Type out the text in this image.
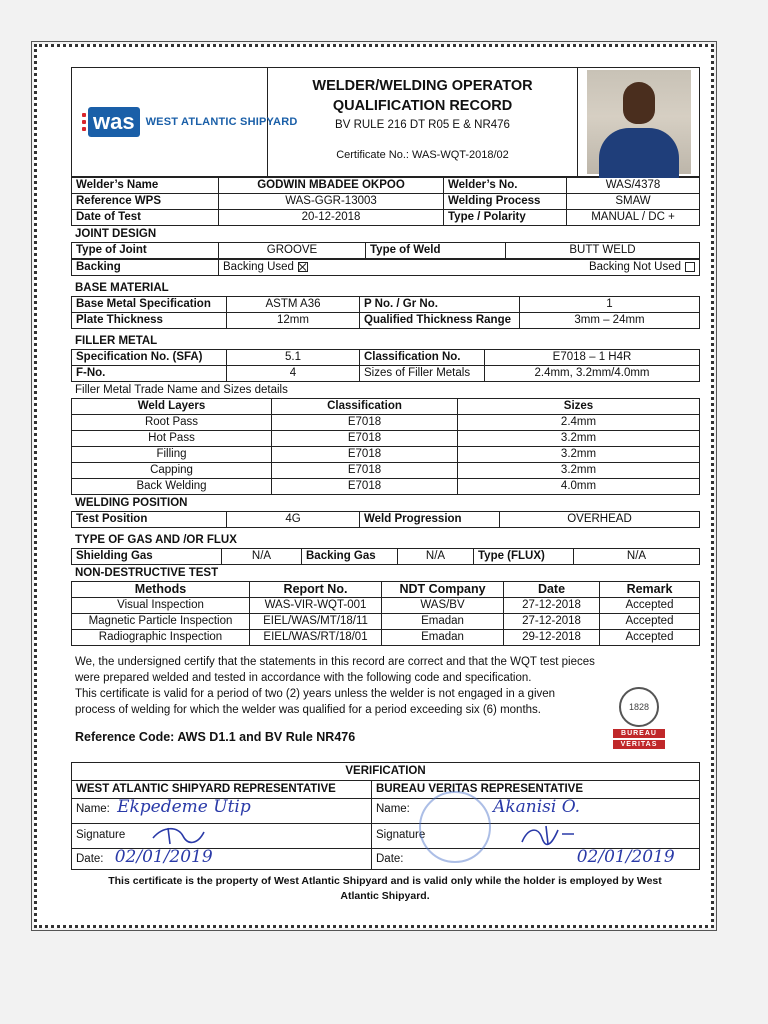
was	WEST ATLANTIC SHIPYARD

WELDER/WELDING OPERATOR
QUALIFICATION RECORD
BV RULE 216 DT R05 E & NR476
Certificate No.: WAS-WQT-2018/02

Welder’s Name	GODWIN MBADEE OKPOO	Welder’s No.	WAS/4378
Reference WPS	WAS-GGR-13003	Welding Process	SMAW
Date of Test	20-12-2018	Type / Polarity	MANUAL / DC +
JOINT DESIGN
Type of Joint	GROOVE	Type of Weld	BUTT WELD
Backing	Backing Used	Backing Not Used
BASE MATERIAL
Base Metal Specification	ASTM A36	P No. / Gr No.	1
Plate Thickness	12mm	Qualified Thickness Range	3mm – 24mm
FILLER METAL
Specification No. (SFA)	5.1	Classification No.	E7018 – 1 H4R
F-No.	4	Sizes of Filler Metals	2.4mm, 3.2mm/4.0mm
Filler Metal Trade Name and Sizes details
Weld Layers	Classification	Sizes
Root Pass	E7018	2.4mm
Hot Pass	E7018	3.2mm
Filling	E7018	3.2mm
Capping	E7018	3.2mm
Back Welding	E7018	4.0mm
WELDING POSITION
Test Position	4G	Weld Progression	OVERHEAD
TYPE OF GAS AND /OR FLUX
Shielding Gas	N/A	Backing Gas	N/A	Type (FLUX)	N/A
NON-DESTRUCTIVE TEST
Methods	Report No.	NDT Company	Date	Remark
Visual Inspection	WAS-VIR-WQT-001	WAS/BV	27-12-2018	Accepted
Magnetic Particle Inspection	EIEL/WAS/MT/18/11	Emadan	27-12-2018	Accepted
Radiographic Inspection	EIEL/WAS/RT/18/01	Emadan	29-12-2018	Accepted
We, the undersigned certify that the statements in this record are correct and that the WQT test pieces
were prepared welded and tested in accordance with the following code and specification.
This certificate is valid for a period of two (2) years unless the welder is not engaged in a given
process of welding for which the welder was qualified for a period exceeding six (6) months.
Reference Code: AWS D1.1 and BV Rule NR476
VERIFICATION	
WEST ATLANTIC SHIPYARD REPRESENTATIVE	BUREAU VERITAS REPRESENTATIVE
Name: Ekpedeme Utip	Name: Akanisi O.
Signature	Signature
Date: 02/01/2019	Date: 02/01/2019
This certificate is the property of West Atlantic Shipyard and is valid only while the holder is employed by West
Atlantic Shipyard.
1828
BUREAU
VERITAS
